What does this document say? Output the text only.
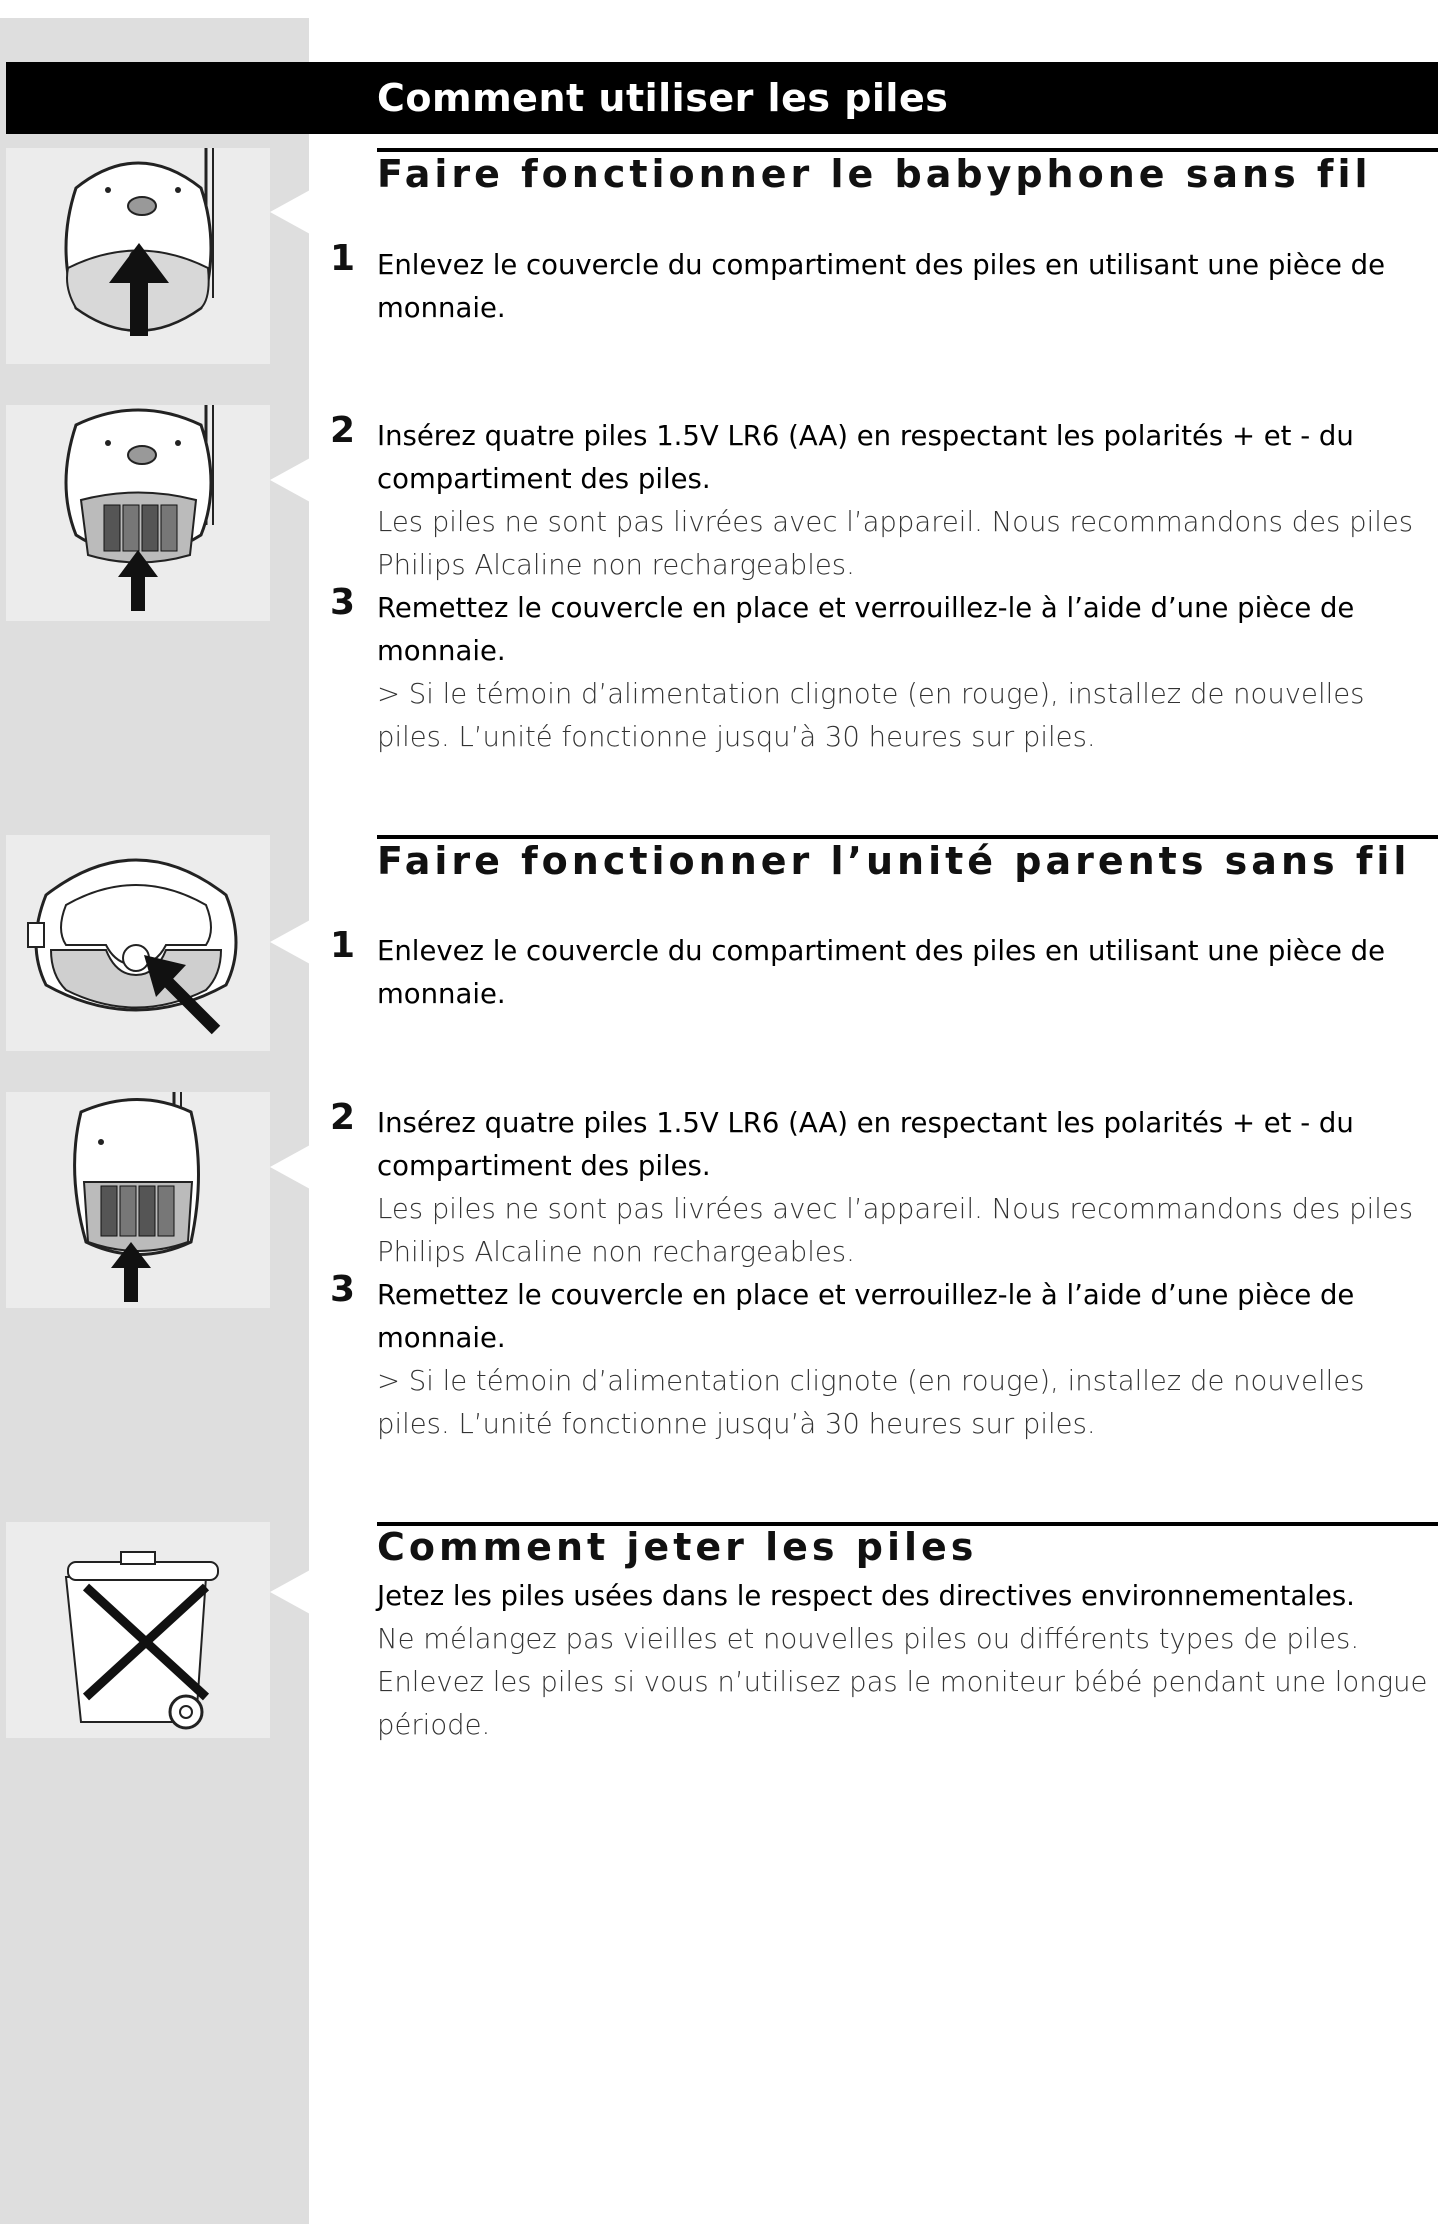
Comment utiliser les piles
Faire fonctionner le babyphone sans fil
1 Enlevez le couvercle du compartiment des piles en utilisant une pièce de monnaie.

2 Insérez quatre piles 1.5V LR6 (AA) en respectant les polarités + et - du compartiment des piles.
Les piles ne sont pas livrées avec l’appareil. Nous recommandons des piles Philips Alcaline non rechargeables.

3 Remettez le couvercle en place et verrouillez-le à l’aide d’une pièce de monnaie.
> Si le témoin d’alimentation clignote (en rouge), installez de nouvelles piles. L’unité fonctionne jusqu’à 30 heures sur piles.

Faire fonctionner l’unité parents sans fil
1 Enlevez le couvercle du compartiment des piles en utilisant une pièce de monnaie.

2 Insérez quatre piles 1.5V LR6 (AA) en respectant les polarités + et - du compartiment des piles.
Les piles ne sont pas livrées avec l’appareil. Nous recommandons des piles Philips Alcaline non rechargeables.

3 Remettez le couvercle en place et verrouillez-le à l’aide d’une pièce de monnaie.
> Si le témoin d’alimentation clignote (en rouge), installez de nouvelles piles. L’unité fonctionne jusqu’à 30 heures sur piles.

Comment jeter les piles

Jetez les piles usées dans le respect des directives environnementales.
Ne mélangez pas vieilles et nouvelles piles ou différents types de piles. Enlevez les piles si vous n’utilisez pas le moniteur bébé pendant une longue période.
